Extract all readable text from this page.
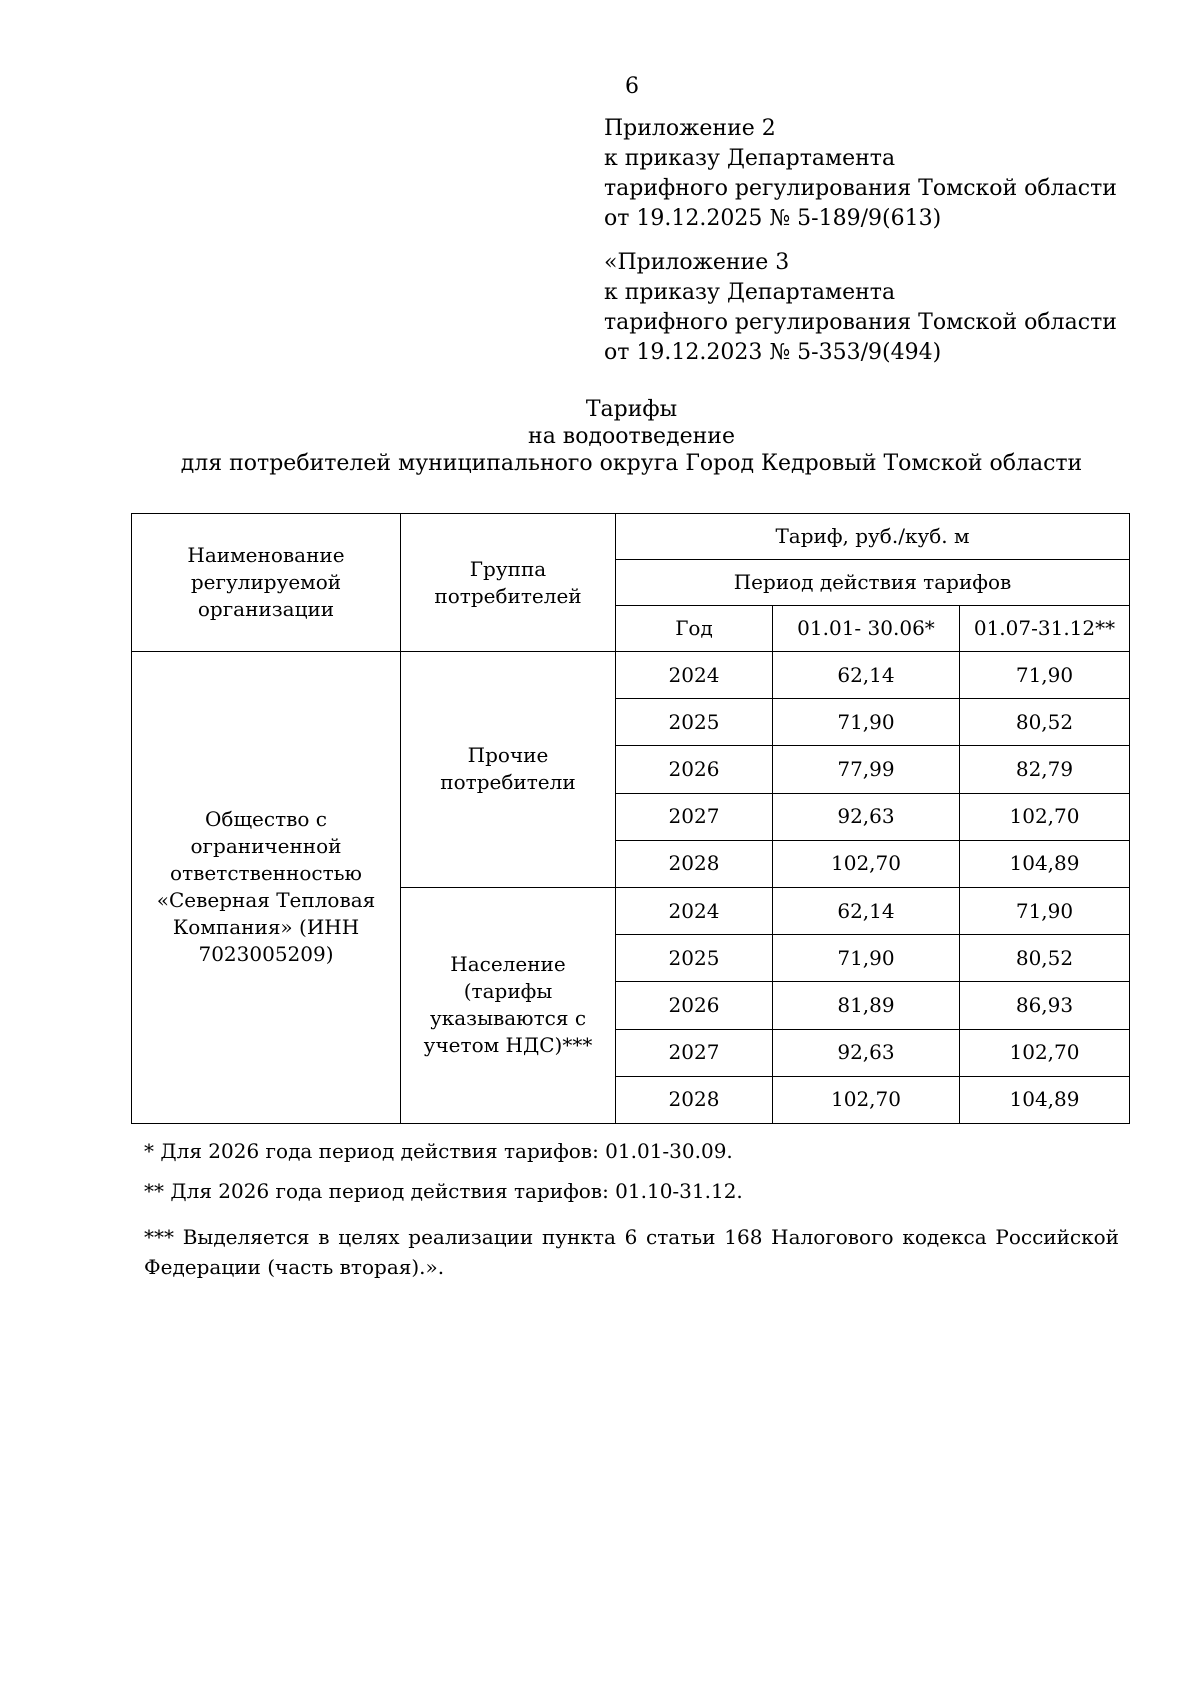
6
Приложение 2
к приказу Департамента
тарифного регулирования Томской области
от 19.12.2025 № 5-189/9(613)
«Приложение 3
к приказу Департамента
тарифного регулирования Томской области
от 19.12.2023 № 5-353/9(494)
Тарифы
на водоотведение
для потребителей муниципального округа Город Кедровый Томской области
Наименование регулируемой организации	Группа потребителей	Тариф, руб./куб. м		
		Период действия тарифов		
		Год	01.01- 30.06*	01.07-31.12**
Общество с ограниченной ответственностью «Северная Тепловая Компания» (ИНН 7023005209)	Прочие потребители	2024	62,14	71,90
		2025	71,90	80,52
		2026	77,99	82,79
		2027	92,63	102,70
		2028	102,70	104,89
	Население (тарифы указываются с учетом НДС)***	2024	62,14	71,90
		2025	71,90	80,52
		2026	81,89	86,93
		2027	92,63	102,70
		2028	102,70	104,89
* Для 2026 года период действия тарифов: 01.01-30.09.
** Для 2026 года период действия тарифов: 01.10-31.12.
*** Выделяется в целях реализации пункта 6 статьи 168 Налогового кодекса Российской Федерации (часть вторая).».
